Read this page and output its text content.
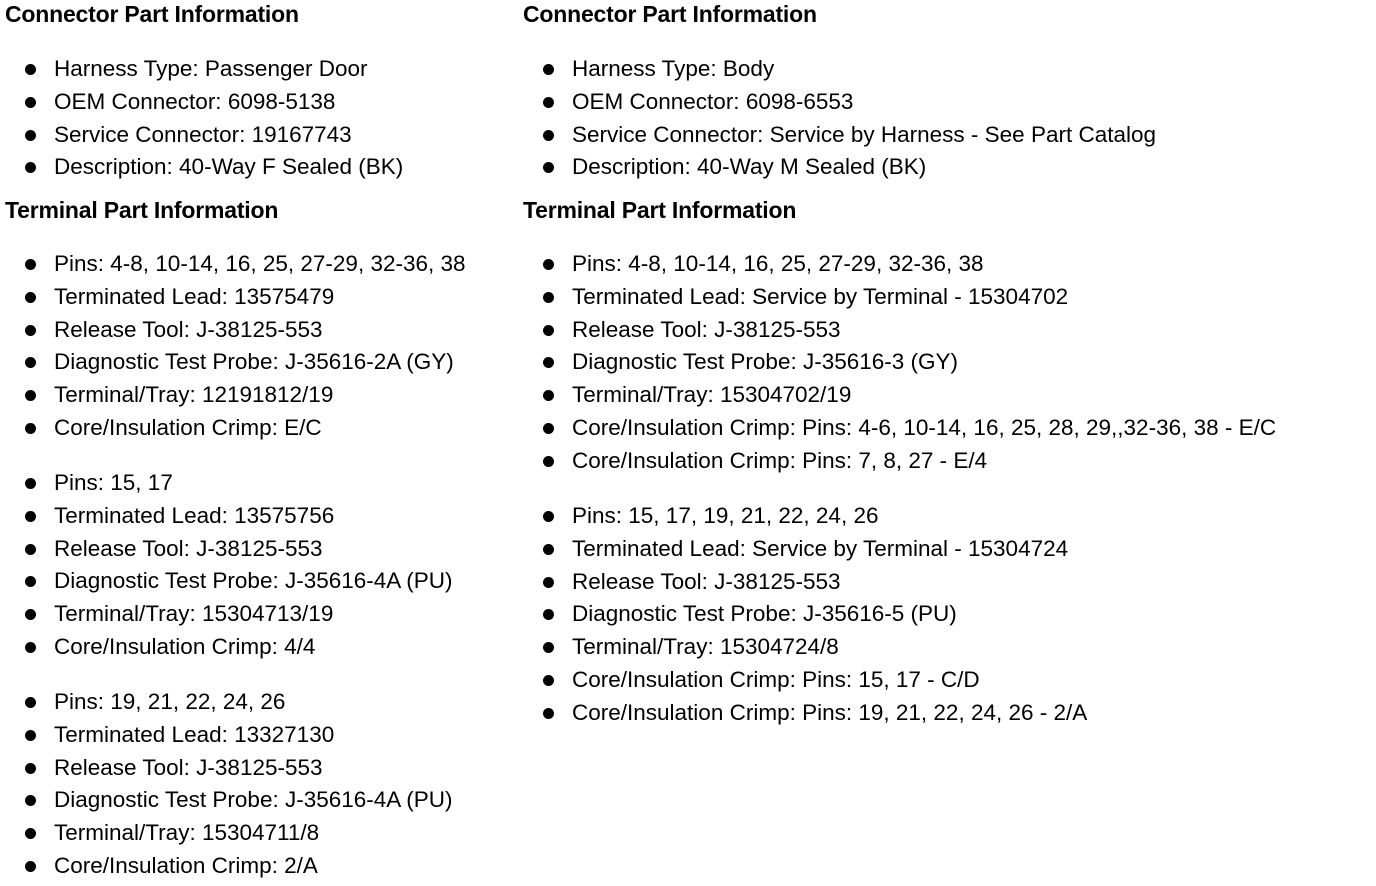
Connector Part Information
Harness Type: Passenger Door
OEM Connector: 6098-5138
Service Connector: 19167743
Description: 40-Way F Sealed (BK)
Terminal Part Information
Pins: 4-8, 10-14, 16, 25, 27-29, 32-36, 38
Terminated Lead: 13575479
Release Tool: J-38125-553
Diagnostic Test Probe: J-35616-2A (GY)
Terminal/Tray: 12191812/19
Core/Insulation Crimp: E/C
Pins: 15, 17
Terminated Lead: 13575756
Release Tool: J-38125-553
Diagnostic Test Probe: J-35616-4A (PU)
Terminal/Tray: 15304713/19
Core/Insulation Crimp: 4/4
Pins: 19, 21, 22, 24, 26
Terminated Lead: 13327130
Release Tool: J-38125-553
Diagnostic Test Probe: J-35616-4A (PU)
Terminal/Tray: 15304711/8
Core/Insulation Crimp: 2/A
Connector Part Information
Harness Type: Body
OEM Connector: 6098-6553
Service Connector: Service by Harness - See Part Catalog
Description: 40-Way M Sealed (BK)
Terminal Part Information
Pins: 4-8, 10-14, 16, 25, 27-29, 32-36, 38
Terminated Lead: Service by Terminal - 15304702
Release Tool: J-38125-553
Diagnostic Test Probe: J-35616-3 (GY)
Terminal/Tray: 15304702/19
Core/Insulation Crimp: Pins: 4-6, 10-14, 16, 25, 28, 29,,32-36, 38 - E/C
Core/Insulation Crimp: Pins: 7, 8, 27 - E/4
Pins: 15, 17, 19, 21, 22, 24, 26
Terminated Lead: Service by Terminal - 15304724
Release Tool: J-38125-553
Diagnostic Test Probe: J-35616-5 (PU)
Terminal/Tray: 15304724/8
Core/Insulation Crimp: Pins: 15, 17 - C/D
Core/Insulation Crimp: Pins: 19, 21, 22, 24, 26 - 2/A
